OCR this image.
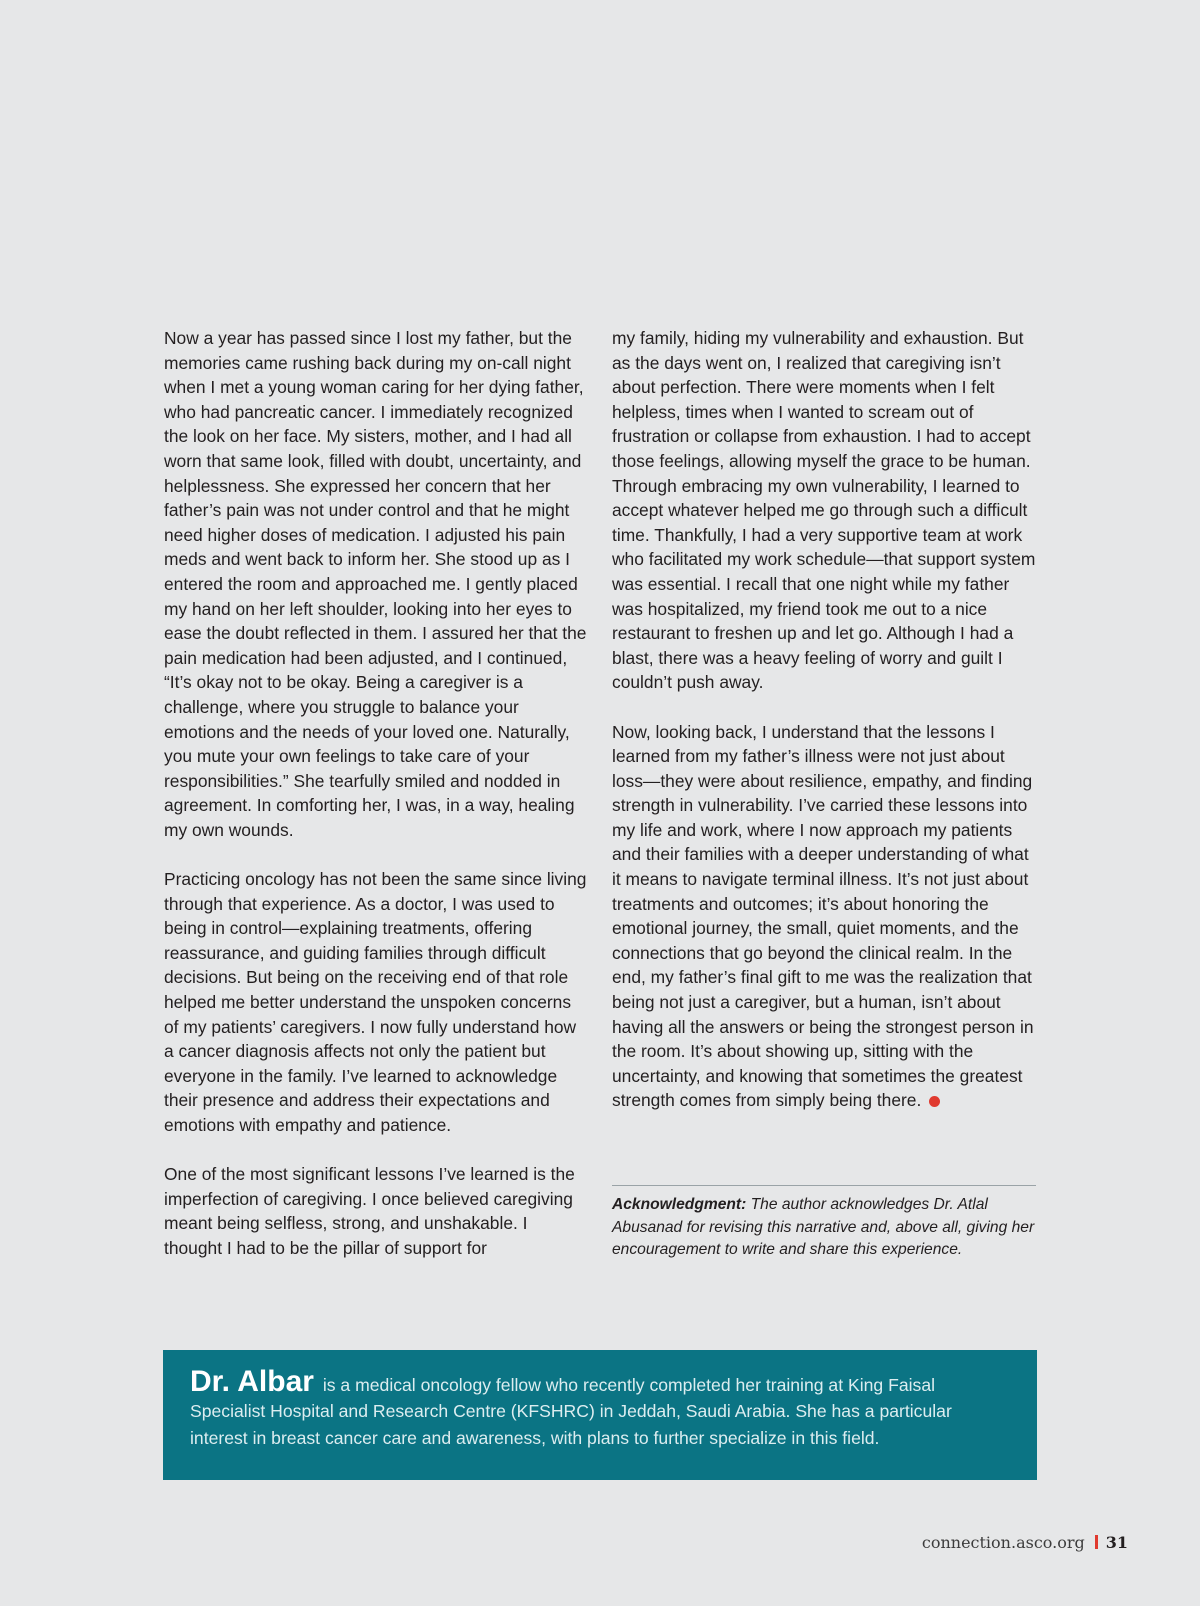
Now a year has passed since I lost my father, but the memories came rushing back during my on-call night when I met a young woman caring for her dying father, who had pancreatic cancer. I immediately recognized the look on her face. My sisters, mother, and I had all worn that same look, filled with doubt, uncertainty, and helplessness. She expressed her concern that her father’s pain was not under control and that he might need higher doses of medication. I adjusted his pain meds and went back to inform her. She stood up as I entered the room and approached me. I gently placed my hand on her left shoulder, looking into her eyes to ease the doubt reflected in them. I assured her that the pain medication had been adjusted, and I continued, “It’s okay not to be okay. Being a caregiver is a challenge, where you struggle to balance your emotions and the needs of your loved one. Naturally, you mute your own feelings to take care of your responsibilities.” She tearfully smiled and nodded in agreement. In comforting her, I was, in a way, healing my own wounds.

Practicing oncology has not been the same since living through that experience. As a doctor, I was used to being in control—explaining treatments, offering reassurance, and guiding families through difficult decisions. But being on the receiving end of that role helped me better understand the unspoken concerns of my patients’ caregivers. I now fully understand how a cancer diagnosis affects not only the patient but everyone in the family. I’ve learned to acknowledge their presence and address their expectations and emotions with empathy and patience.

One of the most significant lessons I’ve learned is the imperfection of caregiving. I once believed caregiving meant being selfless, strong, and unshakable. I thought I had to be the pillar of support for

my family, hiding my vulnerability and exhaustion. But as the days went on, I realized that caregiving isn’t about perfection. There were moments when I felt helpless, times when I wanted to scream out of frustration or collapse from exhaustion. I had to accept those feelings, allowing myself the grace to be human. Through embracing my own vulnerability, I learned to accept whatever helped me go through such a difficult time. Thankfully, I had a very supportive team at work who facilitated my work schedule—that support system was essential. I recall that one night while my father was hospitalized, my friend took me out to a nice restaurant to freshen up and let go. Although I had a blast, there was a heavy feeling of worry and guilt I couldn’t push away.

Now, looking back, I understand that the lessons I learned from my father’s illness were not just about loss—they were about resilience, empathy, and finding strength in vulnerability. I’ve carried these lessons into my life and work, where I now approach my patients and their families with a deeper understanding of what it means to navigate terminal illness. It’s not just about treatments and outcomes; it’s about honoring the emotional journey, the small, quiet moments, and the connections that go beyond the clinical realm. In the end, my father’s final gift to me was the realization that being not just a caregiver, but a human, isn’t about having all the answers or being the strongest person in the room. It’s about showing up, sitting with the uncertainty, and knowing that sometimes the greatest strength comes from simply being there.

Acknowledgment: The author acknowledges Dr. Atlal Abusanad for revising this narrative and, above all, giving her encouragement to write and share this experience.
Dr. Albar is a medical oncology fellow who recently completed her training at King Faisal Specialist Hospital and Research Centre (KFSHRC) in Jeddah, Saudi Arabia. She has a particular interest in breast cancer care and awareness, with plans to further specialize in this field.
connection.asco.org 31
